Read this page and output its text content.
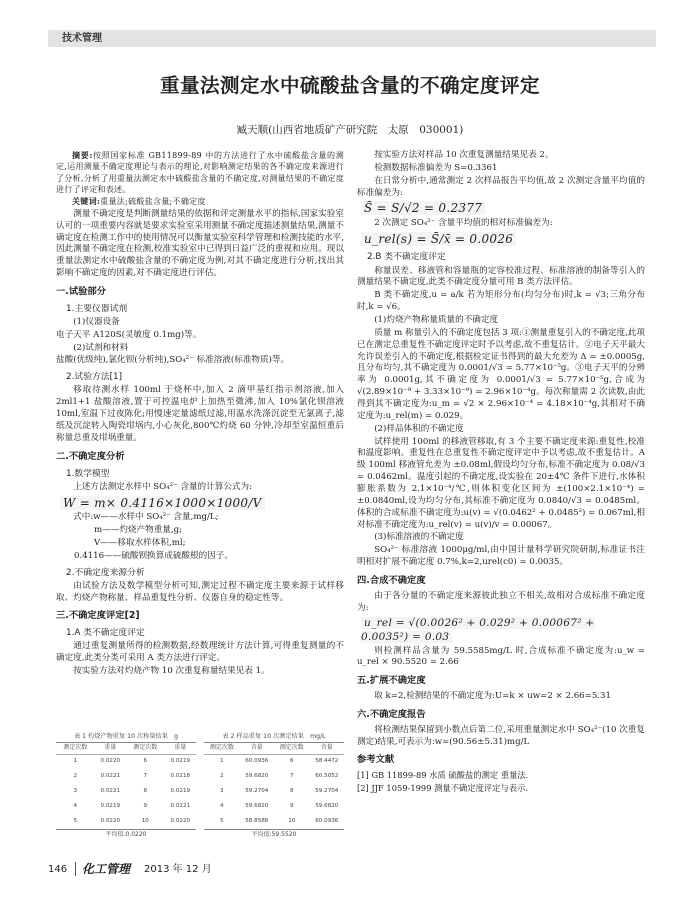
技术管理
重量法测定水中硫酸盐含量的不确定度评定
臧天顺(山西省地质矿产研究院　太原　030001)

摘要:按照国家标准 GB11899-89 中的方法进行了水中硫酸盐含量的测定,运用测量不确定度理论与表示的理论,对影响测定结果的各不确定度来源进行了分析,分析了用重量法测定水中硫酸盐含量的不确定度,对测量结果的不确定度进行了评定和表述。

关键词:重量法;硫酸盐含量;不确定度

测量不确定度是判断测量结果的依据和评定测量水平的指标,国家实验室认可的一项重要内容就是要求实验室采用测量不确定度描述测量结果,测量不确定度在检测工作中的使用情况可以衡量实验室科学管理和检测技能的水平,因此测量不确定度在检测,校准实验室中已得到日益广泛的重视和应用。现以重量法测定水中硫酸盐含量的不确定度为例,对其不确定度进行分析,找出其影响不确定度的因素,对不确定度进行评估。

一.试验部分
1.主要仪器试剂

(1)仪器设备

电子天平 A120S(灵敏度 0.1mg)等。

(2)试剂和材料

盐酸(优级纯),氯化钡(分析纯),SO₄²⁻ 标准溶液(标准物质)等。

2.试验方法[1]

移取待测水样 100ml 于烧杯中,加入 2 滴甲基红指示剂溶液,加入 2ml1+1 盐酸溶液,置于可控温电炉上加热至微沸,加入 10%氯化钡溶液 10ml,室温下过夜陈化;用慢速定量滤纸过滤,用温水洗涤沉淀至无氯离子,滤纸及沉淀转入陶瓷坩埚内,小心灰化,800℃灼烧 60 分钟,冷却至室温恒重后称量总重及坩埚重量。

二.不确定度分析
1.数学模型

上述方法测定水样中 SO₄²⁻ 含量的计算公式为:

W = m× 0.4116×1000×1000/V

式中:w——水样中 SO₄²⁻ 含量,mg/L;

m——灼烧产物重量,g;

V——移取水样体积,ml;

0.4116——硫酸钡换算成硫酸根的因子。

2.不确定度来源分析

由试验方法及数学模型分析可知,测定过程不确定度主要来源于试样移取、灼烧产物称量、样品重复性分析、仪器自身的稳定性等。

三.不确定度评定[2]
1.A 类不确定度评定

通过重复测量所得的检测数据,经数理统计方法计算,可得重复测量的不确定度,此类分类可采用 A 类方法进行评定。

按实验方法对灼烧产物 10 次重复称量结果见表 1。

表 1 灼烧产物重复 10 次称量结果　g
测定次数	重量	测定次数	重量
1	0.0220	6	0.0219
2	0.0221	7	0.0218
3	0.0221	8	0.0219
4	0.0219	9	0.0221
5	0.0220	10	0.0220
平均值:0.0220
表 2 样品重复 10 次测定结果　mg/L
测定次数	含量	测定次数	含量
1	60.0936	6	58.4472
2	59.6820	7	60.5052
3	59.2704	8	59.2704
4	59.6820	9	59.6820
5	58.8588	10	60.0936
平均值:59.5520

按实验方法对样品 10 次重复测量结果见表 2。

检测数据标准偏差为 S=0.3361

在日常分析中,通常测定 2 次样品报告平均值,故 2 次测定含量平均值的标准偏差为:

S̄ = S/√2 = 0.2377

2 次测定 SO₄²⁻ 含量平均值的相对标准偏差为:

u_rel(s) = S̄/x̄ = 0.0026
2.B 类不确定度评定

称量误差、移液管和容量瓶的定容校准过程、标准溶液的制备等引入的测量结果不确定度,此类不确定度分量可用 B 类方法评估。

B 类不确定度,u = a/k 若为矩形分布(均匀分布)时,k = √3;三角分布时,k = √6。

(1)灼烧产物称量质量的不确定度

质量 m 称量引入的不确定度包括 3 项:①测量重复引入的不确定度,此项已在测定总重复性不确定度评定时予以考虑,故不重复估计。②电子天平最大允许误差引入的不确定度,根据检定证书得到的最大允差为 Δ = ±0.0005g,且分布均匀,其不确定度为 0.0001/√3 = 5.77×10⁻⁵g。③电子天平的分辨率为 0.0001g,其不确定度为 0.0001/√3 = 5.77×10⁻⁵g,合成为 √(2.89×10⁻⁹ + 3.33×10⁻⁹) = 2.96×10⁻⁴g。每次称量需 2 次读数,由此得到其不确定度为:u_m = √2 × 2.96×10⁻⁴ = 4.18×10⁻⁴g,其相对不确定度为:u_rel(m) = 0.029。

(2)样品体积的不确定度

试样使用 100ml 的移液管移取,有 3 个主要不确定度来源:重复性,校准和温度影响。重复性在总重复性不确定度评定中予以考虑,故不重复估计。A 级 100ml 移液管允差为 ±0.08ml,假设均匀分布,标准不确定度为 0.08/√3 = 0.0462ml。温度引起的不确定度,设实验在 20±4℃ 条件下进行,水体积膨胀系数为 2.1×10⁻⁴/℃,则体积变化区间为 ±(100×2.1×10⁻⁴) = ±0.0840ml,设为均匀分布,其标准不确定度为 0.0840/√3 = 0.0485ml。体积的合成标准不确定度为:u(v) = √(0.0462² + 0.0485²) = 0.067ml,相对标准不确定度为:u_rel(v) = u(v)/v = 0.00067。

(3)标准溶液的不确定度

SO₄²⁻ 标准溶液 1000μg/ml,由中国计量科学研究院研制,标准证书注明相对扩展不确定度 0.7%,k=2,urel(c0) = 0.0035。

四.合成不确定度

由于各分量的不确定度来源彼此独立不相关,故相对合成标准不确定度为:

u_rel = √(0.0026² + 0.029² + 0.00067² + 0.0035²) = 0.03

则检测样品含量为 59.5585mg/L 时,合成标准不确定度为:u_w = u_rel × 90.5520 = 2.66

五.扩展不确定度

取 k=2,检测结果的不确定度为:U=k × uw=2 × 2.66=5.31

六.不确定度报告

将检测结果保留到小数点后第二位,采用重量测定水中 SO₄²⁻(10 次重复测定)结果,可表示为:w=(90.56±5.31)mg/L

参考文献

[1] GB 11899-89 水质 硫酸盐的测定 重量法.

[2] JJF 1059-1999 测量不确定度评定与表示.

146 化工管理 2013 年 12 月
